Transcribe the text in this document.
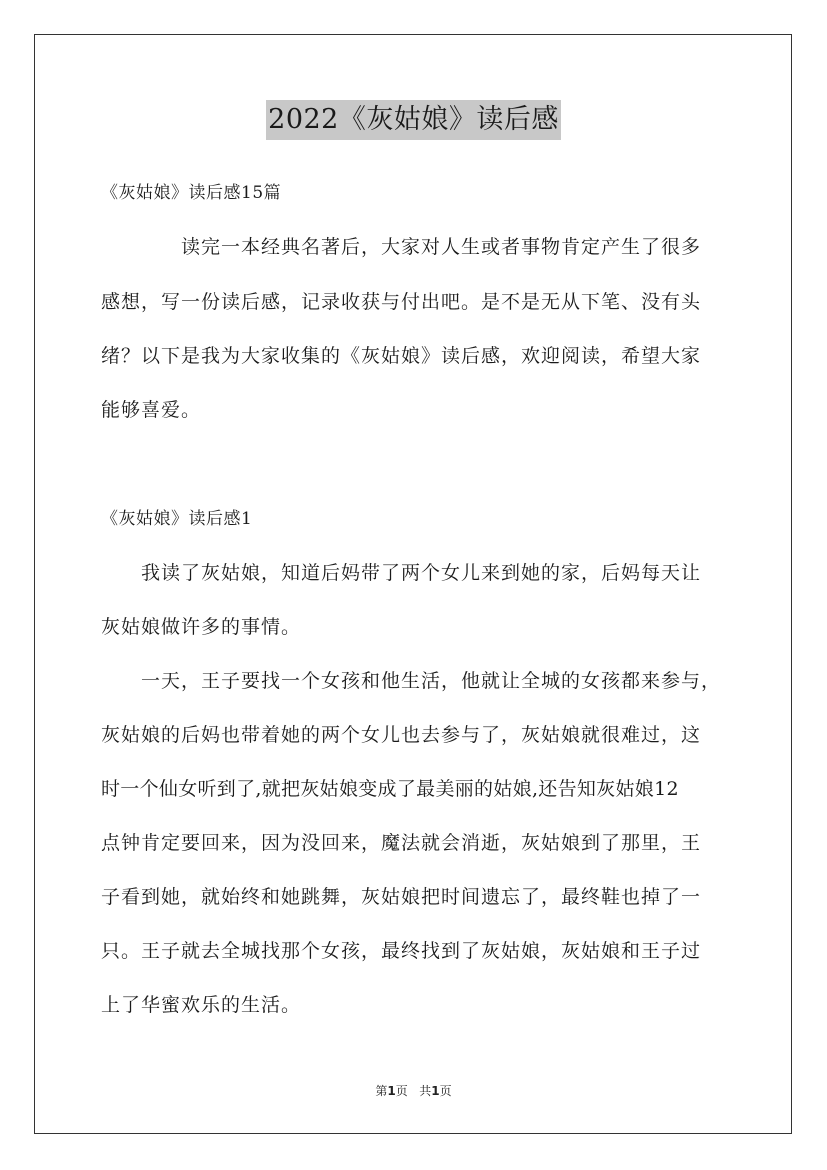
2022《灰姑娘》读后感
《灰姑娘》读后感15篇
读完一本经典名著后，大家对人生或者事物肯定产生了很多
感想，写一份读后感，记录收获与付出吧。是不是无从下笔、没有头
绪？以下是我为大家收集的《灰姑娘》读后感，欢迎阅读，希望大家
能够喜爱。
《灰姑娘》读后感1
我读了灰姑娘，知道后妈带了两个女儿来到她的家，后妈每天让
灰姑娘做许多的事情。
一天，王子要找一个女孩和他生活，他就让全城的女孩都来参与，
灰姑娘的后妈也带着她的两个女儿也去参与了，灰姑娘就很难过，这
时一个仙女听到了,就把灰姑娘变成了最美丽的姑娘,还告知灰姑娘12
点钟肯定要回来，因为没回来，魔法就会消逝，灰姑娘到了那里，王
子看到她，就始终和她跳舞，灰姑娘把时间遗忘了，最终鞋也掉了一
只。王子就去全城找那个女孩，最终找到了灰姑娘，灰姑娘和王子过
上了华蜜欢乐的生活。
第1页 共1页
